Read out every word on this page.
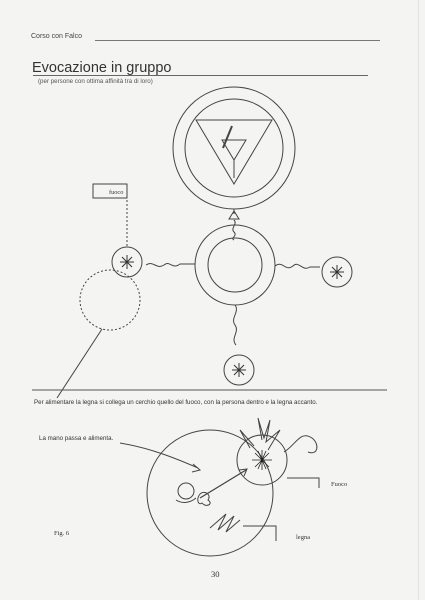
Corso con Falco
Evocazione in gruppo
(per persone con ottima affinità tra di loro)
fuoco
Per alimentare la legna si collega un cerchio quello del fuoco, con la persona dentro e la legna accanto.
La mano passa e alimenta.
Fuoco
legna
Fig. 6
30
